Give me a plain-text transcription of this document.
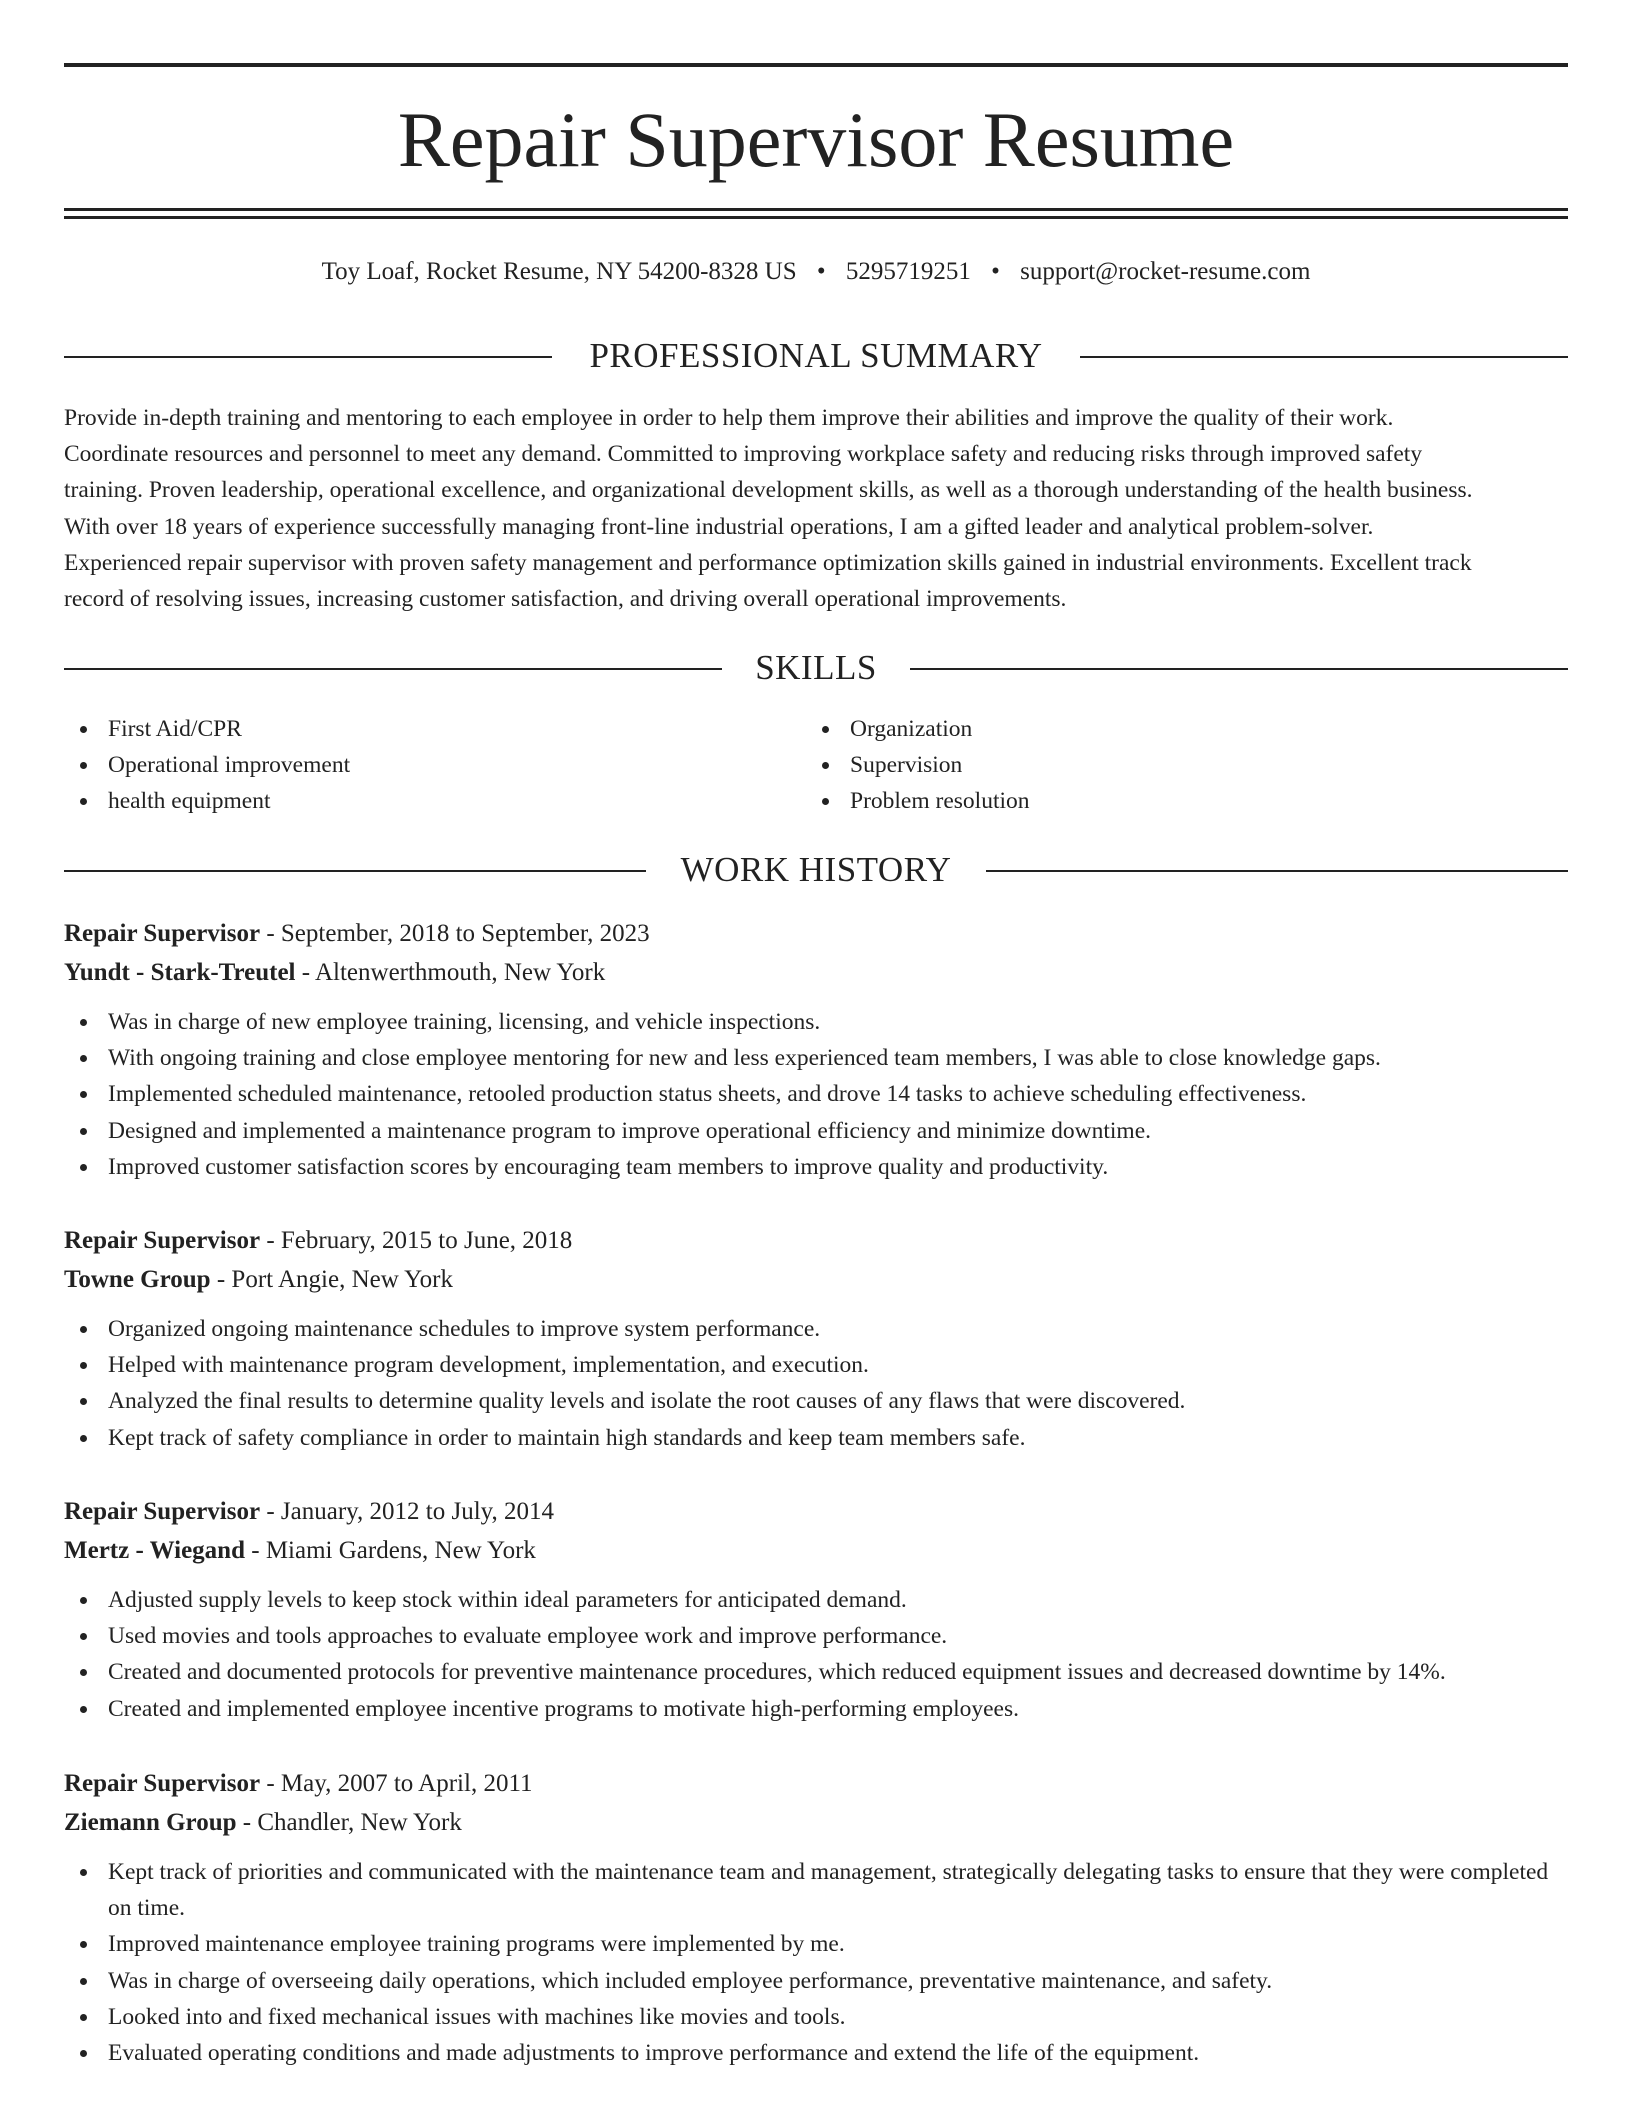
Repair Supervisor Resume
Toy Loaf, Rocket Resume, NY 54200-8328 US • 5295719251 • support@rocket-resume.com
PROFESSIONAL SUMMARY
Provide in-depth training and mentoring to each employee in order to help them improve their abilities and improve the quality of their work.
Coordinate resources and personnel to meet any demand. Committed to improving workplace safety and reducing risks through improved safety
training. Proven leadership, operational excellence, and organizational development skills, as well as a thorough understanding of the health business.
With over 18 years of experience successfully managing front-line industrial operations, I am a gifted leader and analytical problem-solver.
Experienced repair supervisor with proven safety management and performance optimization skills gained in industrial environments. Excellent track
record of resolving issues, increasing customer satisfaction, and driving overall operational improvements.
SKILLS
First Aid/CPR
Operational improvement
health equipment
Organization
Supervision
Problem resolution
WORK HISTORY
Repair Supervisor - September, 2018 to September, 2023
Yundt - Stark-Treutel - Altenwerthmouth, New York
Was in charge of new employee training, licensing, and vehicle inspections.
With ongoing training and close employee mentoring for new and less experienced team members, I was able to close knowledge gaps.
Implemented scheduled maintenance, retooled production status sheets, and drove 14 tasks to achieve scheduling effectiveness.
Designed and implemented a maintenance program to improve operational efficiency and minimize downtime.
Improved customer satisfaction scores by encouraging team members to improve quality and productivity.
Repair Supervisor - February, 2015 to June, 2018
Towne Group - Port Angie, New York
Organized ongoing maintenance schedules to improve system performance.
Helped with maintenance program development, implementation, and execution.
Analyzed the final results to determine quality levels and isolate the root causes of any flaws that were discovered.
Kept track of safety compliance in order to maintain high standards and keep team members safe.
Repair Supervisor - January, 2012 to July, 2014
Mertz - Wiegand - Miami Gardens, New York
Adjusted supply levels to keep stock within ideal parameters for anticipated demand.
Used movies and tools approaches to evaluate employee work and improve performance.
Created and documented protocols for preventive maintenance procedures, which reduced equipment issues and decreased downtime by 14%.
Created and implemented employee incentive programs to motivate high-performing employees.
Repair Supervisor - May, 2007 to April, 2011
Ziemann Group - Chandler, New York
Kept track of priorities and communicated with the maintenance team and management, strategically delegating tasks to ensure that they were completed on time.
Improved maintenance employee training programs were implemented by me.
Was in charge of overseeing daily operations, which included employee performance, preventative maintenance, and safety.
Looked into and fixed mechanical issues with machines like movies and tools.
Evaluated operating conditions and made adjustments to improve performance and extend the life of the equipment.
